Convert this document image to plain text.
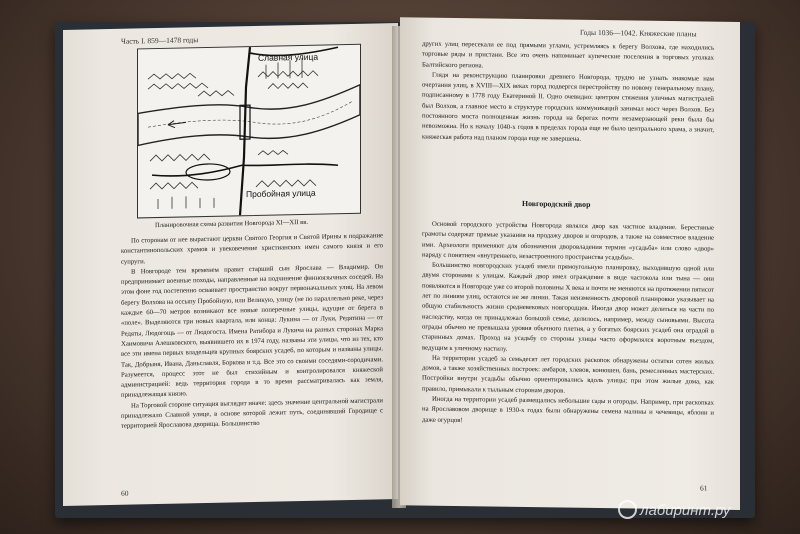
Часть I. 859—1478 годы
Славная улица
Пробойная улица
Планировочная схема развития Новгорода XI—XII вв.

По сторонам от нее вырастают церкви Святого Георгия и Святой Ирины в подражание константинопольских храмов и увековечение христианских имен самого князя и его супруги.

В Новгороде тем временем правит старший сын Ярослава — Владимир. Он предпринимает военные походы, направленные на подчинение финноязычных соседей. На этом фоне год постепенно осваивает пространство вокруг первоначальных улиц. На левом берегу Волхова на оссыпу Пробойную, или Великую, улицу (не по параллельно реке, через каждые 60—70 метров возникают все новые поперечные улицы, идущие от берега в «поле». Выделяются три новых квартала, или конца: Лукина — от Луки, Редятина — от Редяты, Людогощь — от Людогоста. Имена Ратибора и Лукича на разных сторонах Марка Хаимовича Алешковского, выявившего их в 1974 году, названы эти улицы, что из тех, кто все эти имена первых владельцев крупных боярских усадеб, по которым и названы улицы. Так, Добрыня, Ивана, Даньславля, Боркова и т.д. Все это со своими соседями-сородичами. Разумеется, процесс этот не был стихийным и контролировался княжеской администрацией: ведь территория города в то время рассматривалась как земля, принадлежащая князю.

На Торговой стороне ситуация выглядит иначе: здесь значение центральной магистрали принадлежало Славной улице, в основе которой лежит путь, соединявший Городище с территорией Ярославова дворища. Большинство

60
Годы 1036—1042. Княжеские планы

других улиц пересекали ее под прямыми углами, устремляясь к берегу Волхова, где находились торговые ряды и пристани. Все это очень напоминает купеческие поселения в торговых уголках Балтийского региона.

Глядя на реконструкцию планировки древнего Новгорода, трудно не узнать знакомые нам очертания улиц, в XVIII—XIX веках город подвергся перестройству по новому генеральному плану, подписанному в 1778 году Екатериной II. Одно очевидно: центром стяжения уличных магистралей был Волхов, а главное место в структуре городских коммуникаций занимал мост через Волхов. Без постоянного моста полноценная жизнь города на берегах почти незамерзающей реки была бы невозможна. Но к началу 1040-х годов в пределах города еще не было центрального храма, а значит, княжеская работа над планом города еще не завершена.

Новгородский двор

Основой городского устройства Новгорода являлся двор как частное владение. Берестяные грамоты содержат прямые указания на продажу дворов и огородов, а также на совместное владение ими. Археологи применяют для обозначения дворовладения термин «усадьба» или слово «двор» наряду с понятием «внутреннего, незастроенного пространства усадьбы».

Большинство новгородских усадеб имели прямоугольную планировку, выходившую одной или двумя сторонами к улицам. Каждый двор имел ограждение в виде частокола или тына — они появляются в Новгороде уже со второй половины X века и почти не меняются на протяжении пятисот лет по линиям улиц, остаются не же линии. Такая неизменность дворовой планировки указывает на общую стабильность жизни средневековых новгородцев. Иногда двор может делиться на части по наследству, когда он принадлежал большой семье, делилось, например, между сыновьями. Высота ограды обычно не превышала уровня обычного плетня, а у богатых боярских усадеб она оградой в старинных домах. Проход на усадьбу со стороны улицы часто оформлялся воротным въездом, ведущим к уличному настилу.

На территории усадеб за семьдесят лет городских раскопок обнаружены остатки сотен жилых домов, а также хозяйственных построек: амбаров, хлевов, конюшен, бань, ремесленных мастерских. Постройки внутри усадьбы обычно ориентировались вдоль улицы; при этом жилые дома, как правило, примыкали к тыльным сторонам дворов.

Иногда на территории усадеб размещались небольшие сады и огороды. Например, при раскопках на Ярославовом дворище в 1930-х годах были обнаружены семена малины и чечевицы, яблони и даже огурцов!

61
лабиринт.ру
